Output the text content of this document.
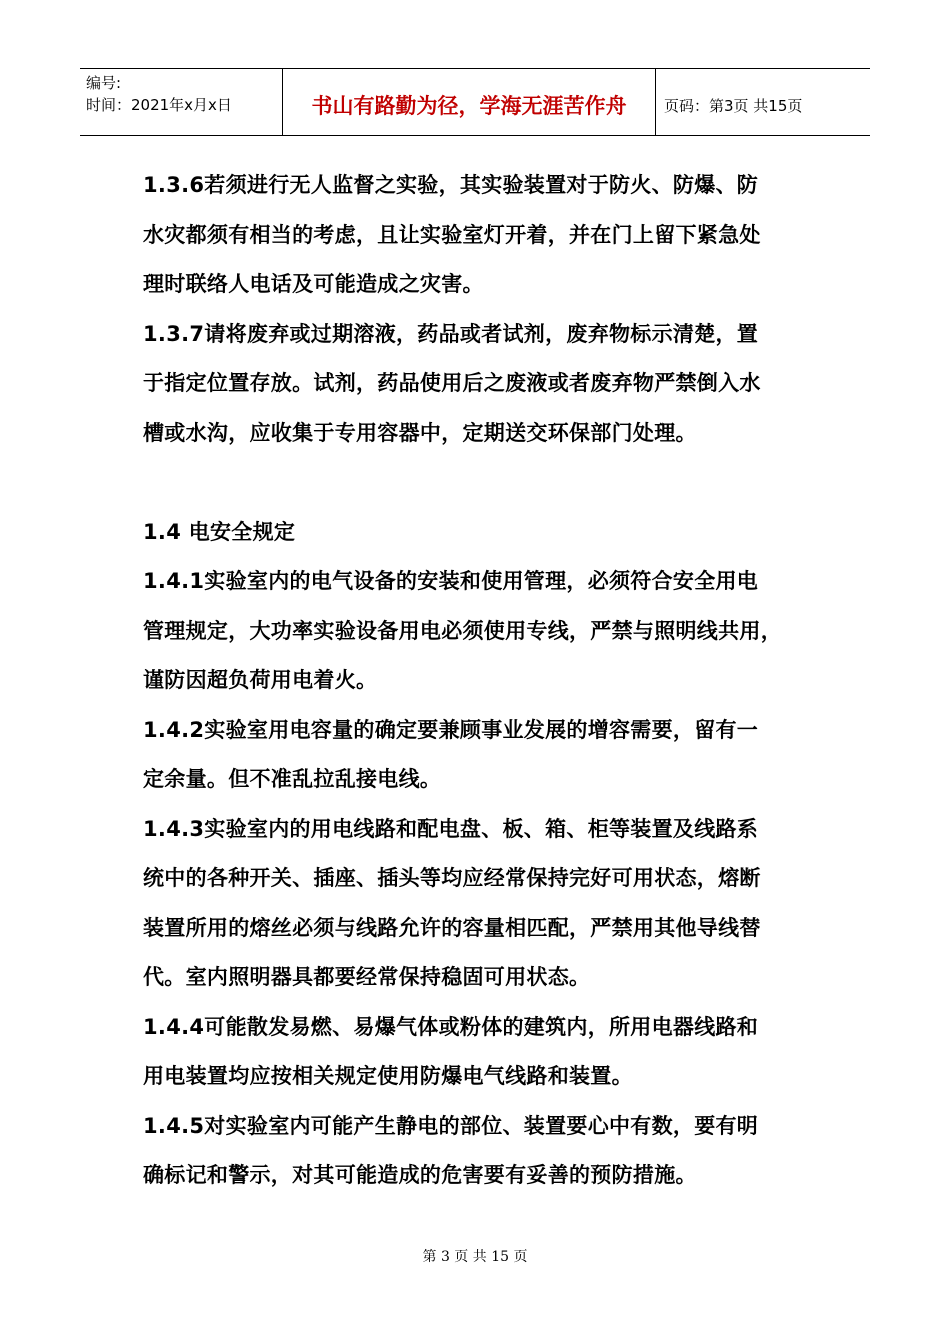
编号:
时间：2021年x月x日	书山有路勤为径，学海无涯苦作舟	页码：第3页 共15页
1.3.6若须进行无人监督之实验，其实验装置对于防火、防爆、防
水灾都须有相当的考虑，且让实验室灯开着，并在门上留下紧急处
理时联络人电话及可能造成之灾害。
1.3.7请将废弃或过期溶液，药品或者试剂，废弃物标示清楚，置
于指定位置存放。试剂，药品使用后之废液或者废弃物严禁倒入水
槽或水沟，应收集于专用容器中，定期送交环保部门处理。
1.4 电安全规定
1.4.1实验室内的电气设备的安装和使用管理，必须符合安全用电
管理规定，大功率实验设备用电必须使用专线，严禁与照明线共用，
谨防因超负荷用电着火。
1.4.2实验室用电容量的确定要兼顾事业发展的增容需要，留有一
定余量。但不准乱拉乱接电线。
1.4.3实验室内的用电线路和配电盘、板、箱、柜等装置及线路系
统中的各种开关、插座、插头等均应经常保持完好可用状态，熔断
装置所用的熔丝必须与线路允许的容量相匹配，严禁用其他导线替
代。室内照明器具都要经常保持稳固可用状态。
1.4.4可能散发易燃、易爆气体或粉体的建筑内，所用电器线路和
用电装置均应按相关规定使用防爆电气线路和装置。
1.4.5对实验室内可能产生静电的部位、装置要心中有数，要有明
确标记和警示，对其可能造成的危害要有妥善的预防措施。
第 3 页 共 15 页
